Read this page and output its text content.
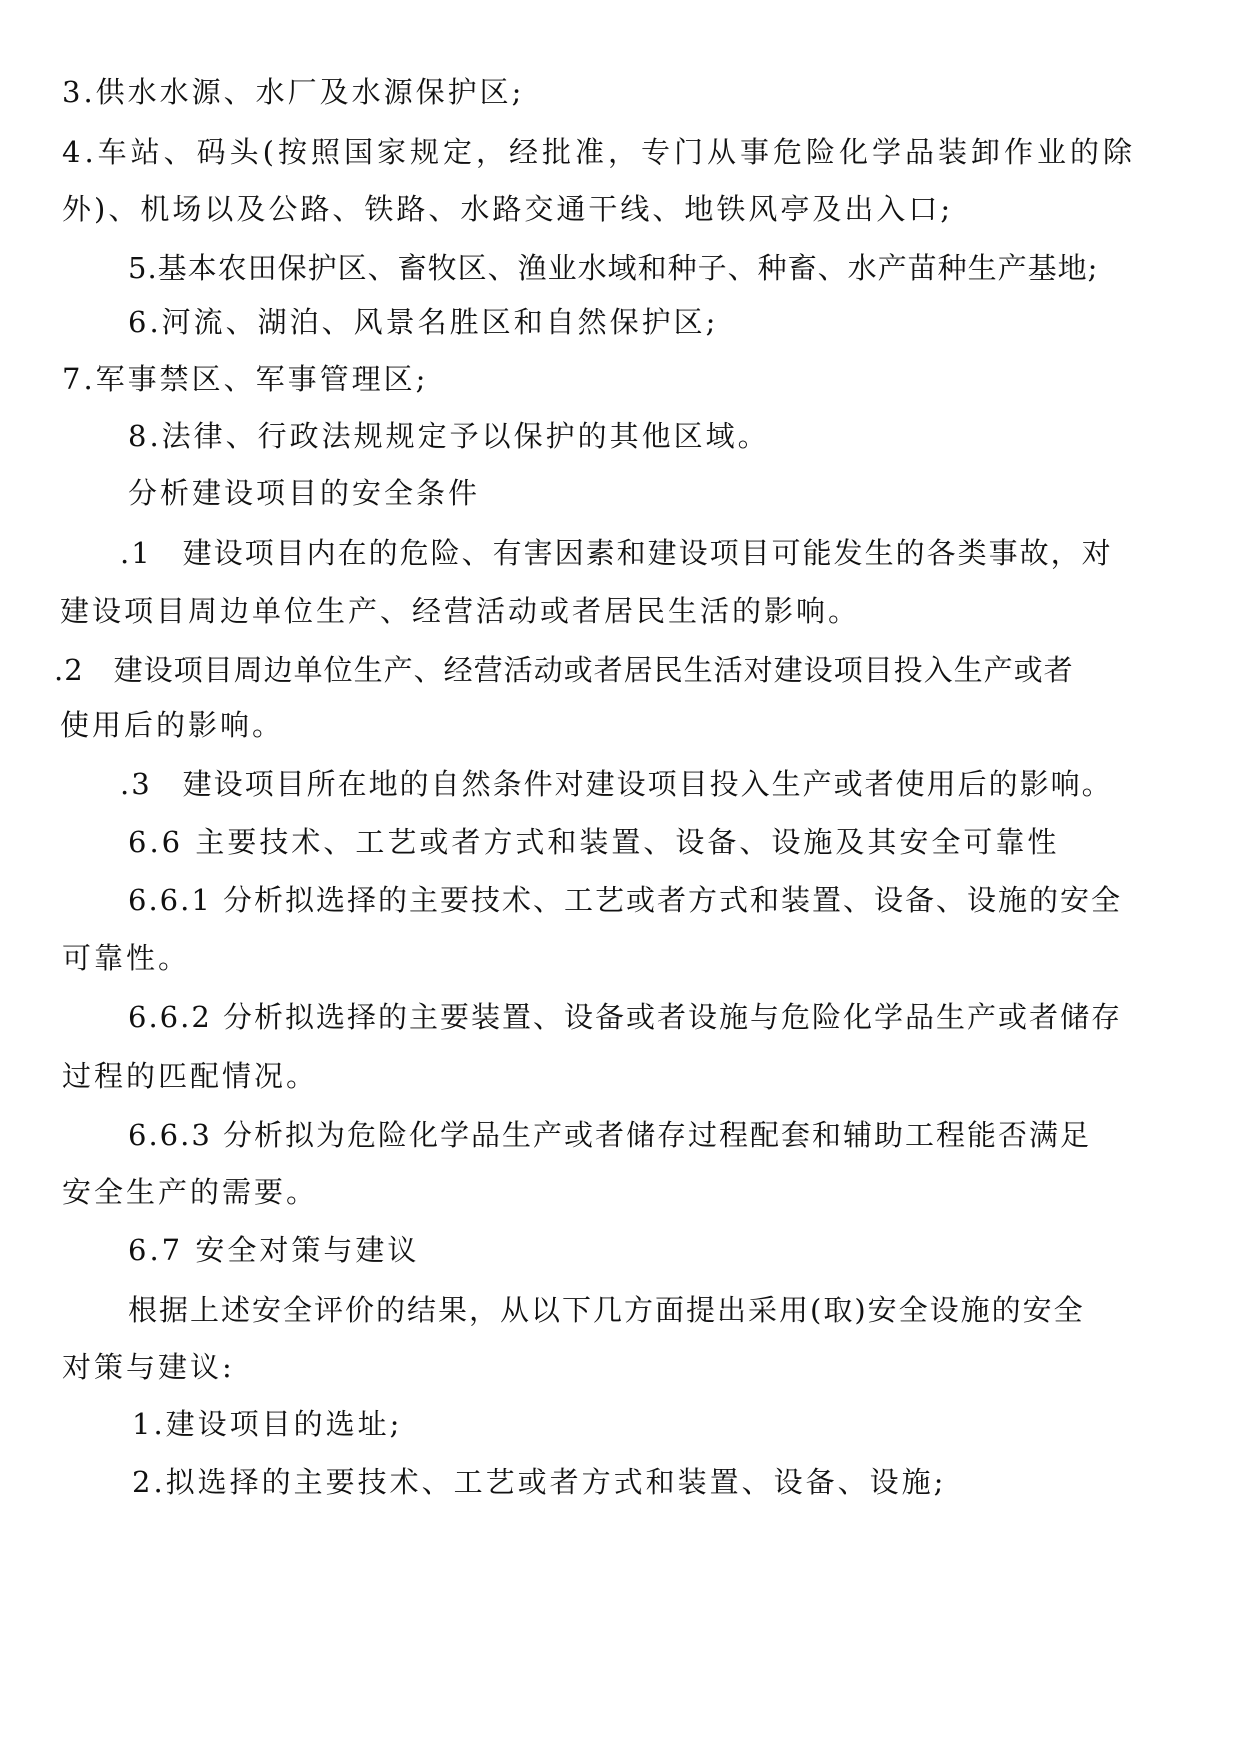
3.供水水源、水厂及水源保护区;
4.车站、码头(按照国家规定，经批准，专门从事危险化学品装卸作业的除
外)、机场以及公路、铁路、水路交通干线、地铁风亭及出入口;
5.基本农田保护区、畜牧区、渔业水域和种子、种畜、水产苗种生产基地;
6.河流、湖泊、风景名胜区和自然保护区;
7.军事禁区、军事管理区;
8.法律、行政法规规定予以保护的其他区域。
分析建设项目的安全条件
.1　建设项目内在的危险、有害因素和建设项目可能发生的各类事故，对
建设项目周边单位生产、经营活动或者居民生活的影响。
.2　建设项目周边单位生产、经营活动或者居民生活对建设项目投入生产或者
使用后的影响。
.3　建设项目所在地的自然条件对建设项目投入生产或者使用后的影响。
6.6 主要技术、工艺或者方式和装置、设备、设施及其安全可靠性
6.6.1 分析拟选择的主要技术、工艺或者方式和装置、设备、设施的安全
可靠性。
6.6.2 分析拟选择的主要装置、设备或者设施与危险化学品生产或者储存
过程的匹配情况。
6.6.3 分析拟为危险化学品生产或者储存过程配套和辅助工程能否满足
安全生产的需要。
6.7 安全对策与建议
根据上述安全评价的结果，从以下几方面提出采用(取)安全设施的安全
对策与建议:
1.建设项目的选址;
2.拟选择的主要技术、工艺或者方式和装置、设备、设施;
